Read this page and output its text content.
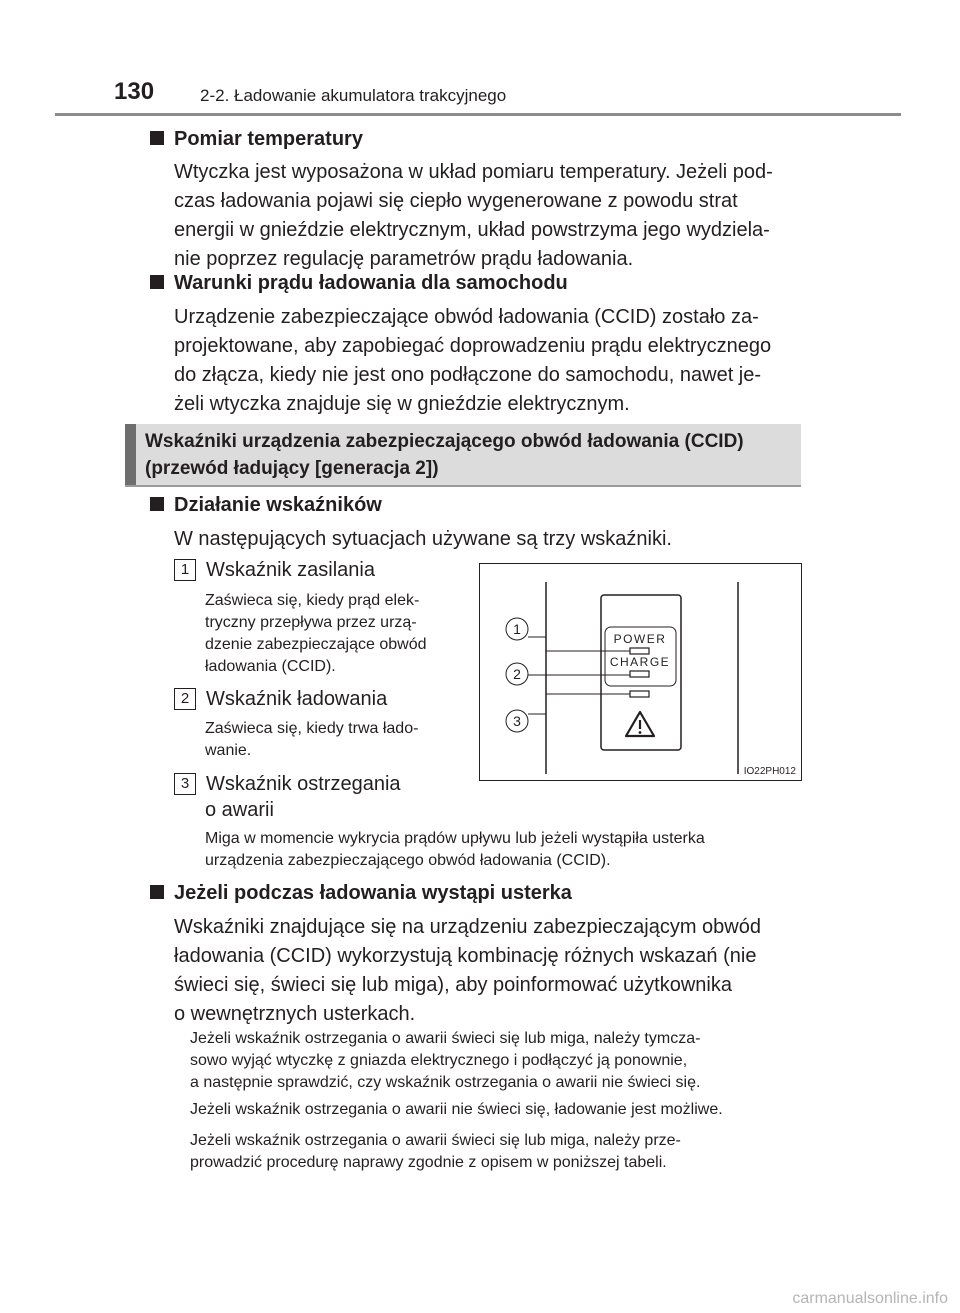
130	2-2. Ładowanie akumulatora trakcyjnego
Pomiar temperatury
Wtyczka jest wyposażona w układ pomiaru temperatury. Jeżeli pod-
czas ładowania pojawi się ciepło wygenerowane z powodu strat
energii w gnieździe elektrycznym, układ powstrzyma jego wydziela-
nie poprzez regulację parametrów prądu ładowania.
Warunki prądu ładowania dla samochodu
Urządzenie zabezpieczające obwód ładowania (CCID) zostało za-
projektowane, aby zapobiegać doprowadzeniu prądu elektrycznego
do złącza, kiedy nie jest ono podłączone do samochodu, nawet je-
żeli wtyczka znajduje się w gnieździe elektrycznym.
Wskaźniki urządzenia zabezpieczającego obwód ładowania (CCID)
(przewód ładujący [generacja 2])
Działanie wskaźników
W następujących sytuacjach używane są trzy wskaźniki.
1 Wskaźnik zasilania
Zaświeca się, kiedy prąd elek-
tryczny przepływa przez urzą-
dzenie zabezpieczające obwód
ładowania (CCID).
2 Wskaźnik ładowania
Zaświeca się, kiedy trwa łado-
wanie.
3 Wskaźnik ostrzegania
o awarii
Miga w momencie wykrycia prądów upływu lub jeżeli wystąpiła usterka
urządzenia zabezpieczającego obwód ładowania (CCID).
POWER
CHARGE
1
2
3
IO22PH012
Jeżeli podczas ładowania wystąpi usterka
Wskaźniki znajdujące się na urządzeniu zabezpieczającym obwód
ładowania (CCID) wykorzystują kombinację różnych wskazań (nie
świeci się, świeci się lub miga), aby poinformować użytkownika
o wewnętrznych usterkach.
Jeżeli wskaźnik ostrzegania o awarii świeci się lub miga, należy tymcza-
sowo wyjąć wtyczkę z gniazda elektrycznego i podłączyć ją ponownie,
a następnie sprawdzić, czy wskaźnik ostrzegania o awarii nie świeci się.
Jeżeli wskaźnik ostrzegania o awarii nie świeci się, ładowanie jest możliwe.
Jeżeli wskaźnik ostrzegania o awarii świeci się lub miga, należy prze-
prowadzić procedurę naprawy zgodnie z opisem w poniższej tabeli.
carmanualsonline.info
